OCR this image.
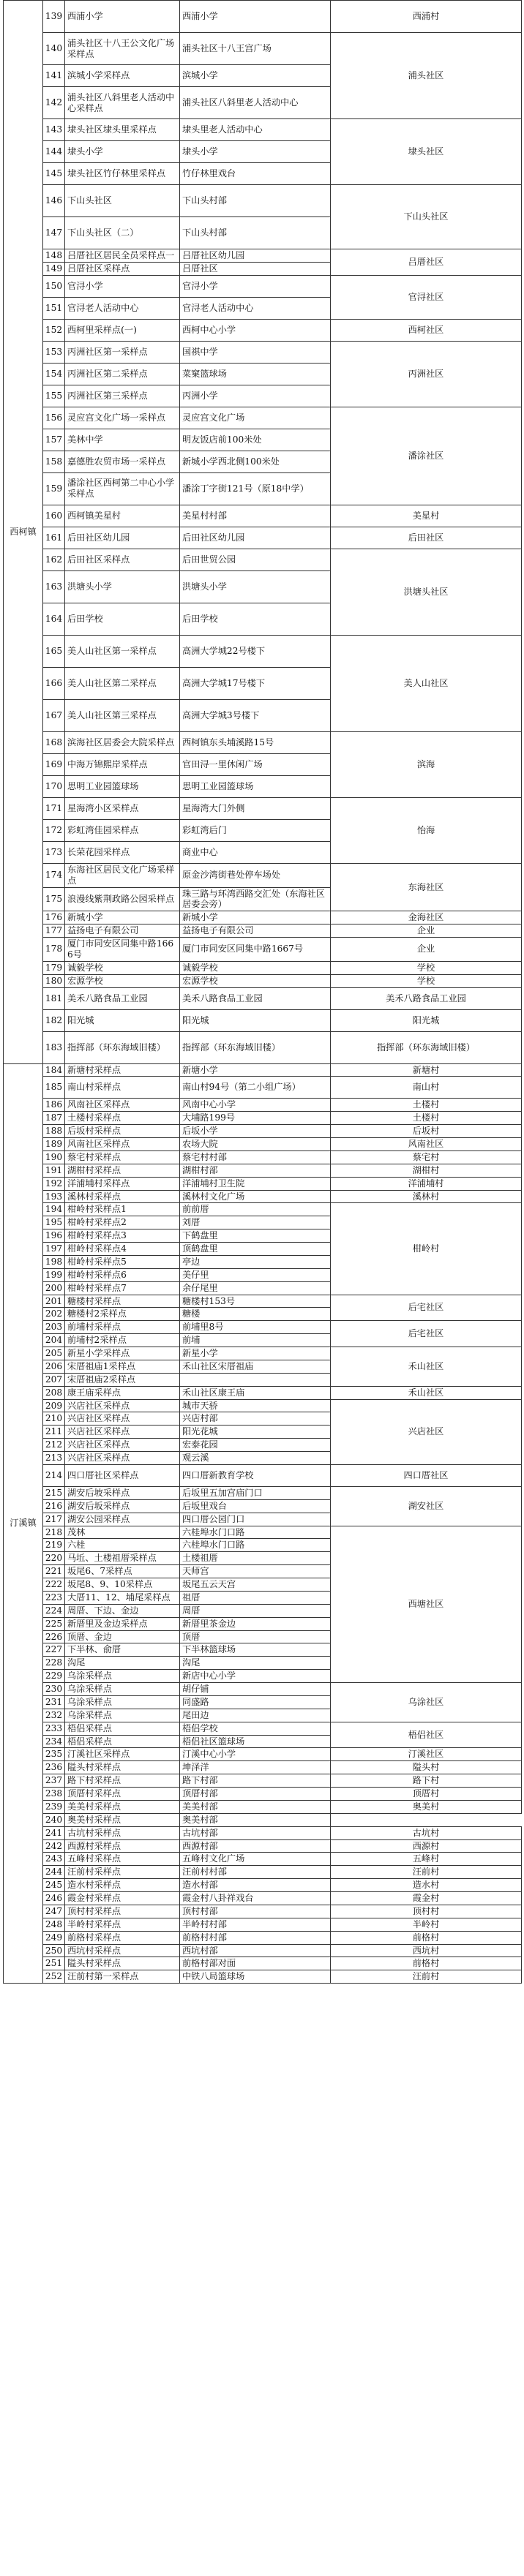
西柯镇	139	西浦小学	西浦小学	西浦村
	140	浦头社区十八王公文化广场采样点	浦头社区十八王宫广场	浦头社区
	141	滨城小学采样点	滨城小学	
	142	浦头社区八斜里老人活动中心采样点	浦头社区八斜里老人活动中心	
	143	埭头社区埭头里采样点	埭头里老人活动中心	埭头社区
	144	埭头小学	埭头小学	
	145	埭头社区竹仔林里采样点	竹仔林里戏台	
	146	下山头社区	下山头村部	下山头社区
	147	下山头社区（二）	下山头村部	
	148	吕厝社区居民全员采样点一	吕厝社区幼儿园	吕厝社区
	149	吕厝社区采样点	吕厝社区	
	150	官浔小学	官浔小学	官浔社区
	151	官浔老人活动中心	官浔老人活动中心	
	152	西柯里采样点(一)	西柯中心小学	西柯社区
	153	丙洲社区第一采样点	国祺中学	丙洲社区
	154	丙洲社区第二采样点	菜窠篮球场	
	155	丙洲社区第三采样点	丙洲小学	
	156	灵应宫文化广场一采样点	灵应宫文化广场	潘涂社区
	157	美林中学	明友饭店前100米处	
	158	嘉德胜农贸市场一采样点	新城小学西北侧100米处	
	159	潘涂社区西柯第二中心小学采样点	潘涂丁字街121号（原18中学）	
	160	西柯镇美星村	美星村村部	美星村
	161	后田社区幼儿园	后田社区幼儿园	后田社区
	162	后田社区采样点	后田世贸公园	洪塘头社区
	163	洪塘头小学	洪塘头小学	
	164	后田学校	后田学校	
	165	美人山社区第一采样点	高洲大学城22号楼下	美人山社区
	166	美人山社区第二采样点	高洲大学城17号楼下	
	167	美人山社区第三采样点	高洲大学城3号楼下	
	168	滨海社区居委会大院采样点	西柯镇东头埔溪路15号	滨海
	169	中海万锦熙岸采样点	官田浔一里休闲广场	
	170	思明工业园篮球场	思明工业园篮球场	
	171	星海湾小区采样点	星海湾大门外侧	怡海
	172	彩虹湾佳园采样点	彩虹湾后门	
	173	长荣花园采样点	商业中心	
	174	东海社区居民文化广场采样点	原金沙湾街巷处停车场处	东海社区
	175	浪漫线紫荆政路公园采样点	珠三路与环湾西路交汇处（东海社区居委会旁）	
	176	新城小学	新城小学	金海社区
	177	益扬电子有限公司	益扬电子有限公司	企业
	178	厦门市同安区同集中路1666号	厦门市同安区同集中路1667号	企业
	179	诚毅学校	诚毅学校	学校
	180	宏源学校	宏源学校	学校
	181	美禾八路食品工业园	美禾八路食品工业园	美禾八路食品工业园
	182	阳光城	阳光城	阳光城
	183	指挥部（环东海域旧楼）	指挥部（环东海域旧楼）	指挥部（环东海域旧楼）
汀溪镇	184	新塘村采样点	新塘小学	新塘村
	185	南山村采样点	南山村94号（第二小组广场）	南山村
	186	风南社区采样点	风南中心小学	土楼村
	187	土楼村采样点	大埔路199号	土楼村
	188	后坂村采样点	后坂小学	后坂村
	189	风南社区采样点	农场大院	风南社区
	190	蔡宅村采样点	蔡宅村村部	蔡宅村
	191	湖柑村采样点	湖柑村部	湖柑村
	192	洋浦埔村采样点	洋浦埔村卫生院	洋浦埔村
	193	溪林村采样点	溪林村文化广场	溪林村
	194	柑岭村采样点1	前前厝	柑岭村
	195	柑岭村采样点2	刘厝	
	196	柑岭村采样点3	下鹤盘里	
	197	柑岭村采样点4	顶鹤盘里	
	198	柑岭村采样点5	亭边	
	199	柑岭村采样点6	美仔里	
	200	柑岭村采样点7	余仔尾里	
	201	糖楼村采样点	糖楼村153号	后宅社区
	202	糖楼村2采样点	糖楼	
	203	前埔村采样点	前埔里8号	后宅社区
	204	前埔村2采样点	前埔	
	205	新星小学采样点	新星小学	禾山社区
	206	宋厝祖庙1采样点	禾山社区宋厝祖庙	
	207	宋厝祖庙2采样点		
	208	康王庙采样点	禾山社区康王庙	禾山社区
	209	兴店社区采样点	城市天骄	兴店社区
	210	兴店社区采样点	兴店村部	
	211	兴店社区采样点	阳光花城	
	212	兴店社区采样点	宏泰花园	
	213	兴店社区采样点	观云溪	
	214	四口厝社区采样点	四口厝新教育学校	四口厝社区
	215	湖安后坡采样点	后坂里五加宫庙门口	湖安社区
	216	湖安后坂采样点	后坂里戏台	
	217	湖安公园采样点	四口厝公园门口	
	218	茂林	六桂埠水门口路	西塘社区
	219	六桂	六桂埠水门口路	
	220	马坵、土楼祖厝采样点	土楼祖厝	
	221	坂尾6、7采样点	天师宫	
	222	坂尾8、9、10采样点	坂尾五云天宫	
	223	大厝11、12、埔尾采样点	祖厝	
	224	周厝、下边、金边	周厝	
	225	新厝里及金边采样点	新厝里茶金边	
	226	顶厝、金边	顶厝	
	227	下半林、俞厝	下半林篮球场	
	228	沟尾	沟尾	
	229	乌涂采样点	新店中心小学	
	230	乌涂采样点	胡仔铺	乌涂社区
	231	乌涂采样点	同盛路	
	232	乌涂采样点	尾田边	
	233	梧侣采样点	梧侣学校	梧侣社区
	234	梧侣采样点	梧侣社区篮球场	
	235	汀溪社区采样点	汀溪中心小学	汀溪社区
	236	隘头村采样点	坤泽洋	隘头村
	237	路下村采样点	路下村部	路下村
	238	顶厝村采样点	顶厝村部	顶厝村
	239	美美村采样点	美美村部	奥美村
	240	奥美村采样点	奥美村部	
	241	古坑村采样点	古坑村部	古坑村
	242	西源村采样点	西源村部	西源村
	243	五峰村采样点	五峰村文化广场	五峰村
	244	汪前村采样点	汪前村村部	汪前村
	245	造水村采样点	造水村部	造水村
	246	霞金村采样点	霞金村八卦祥戏台	霞金村
	247	顶村村采样点	顶村村部	顶村村
	248	半岭村采样点	半岭村村部	半岭村
	249	前格村采样点	前格村村部	前格村
	250	西坑村采样点	西坑村部	西坑村
	251	隘头村采样点	前格村部对面	前格村
	252	汪前村第一采样点	中铁八局篮球场	汪前村
